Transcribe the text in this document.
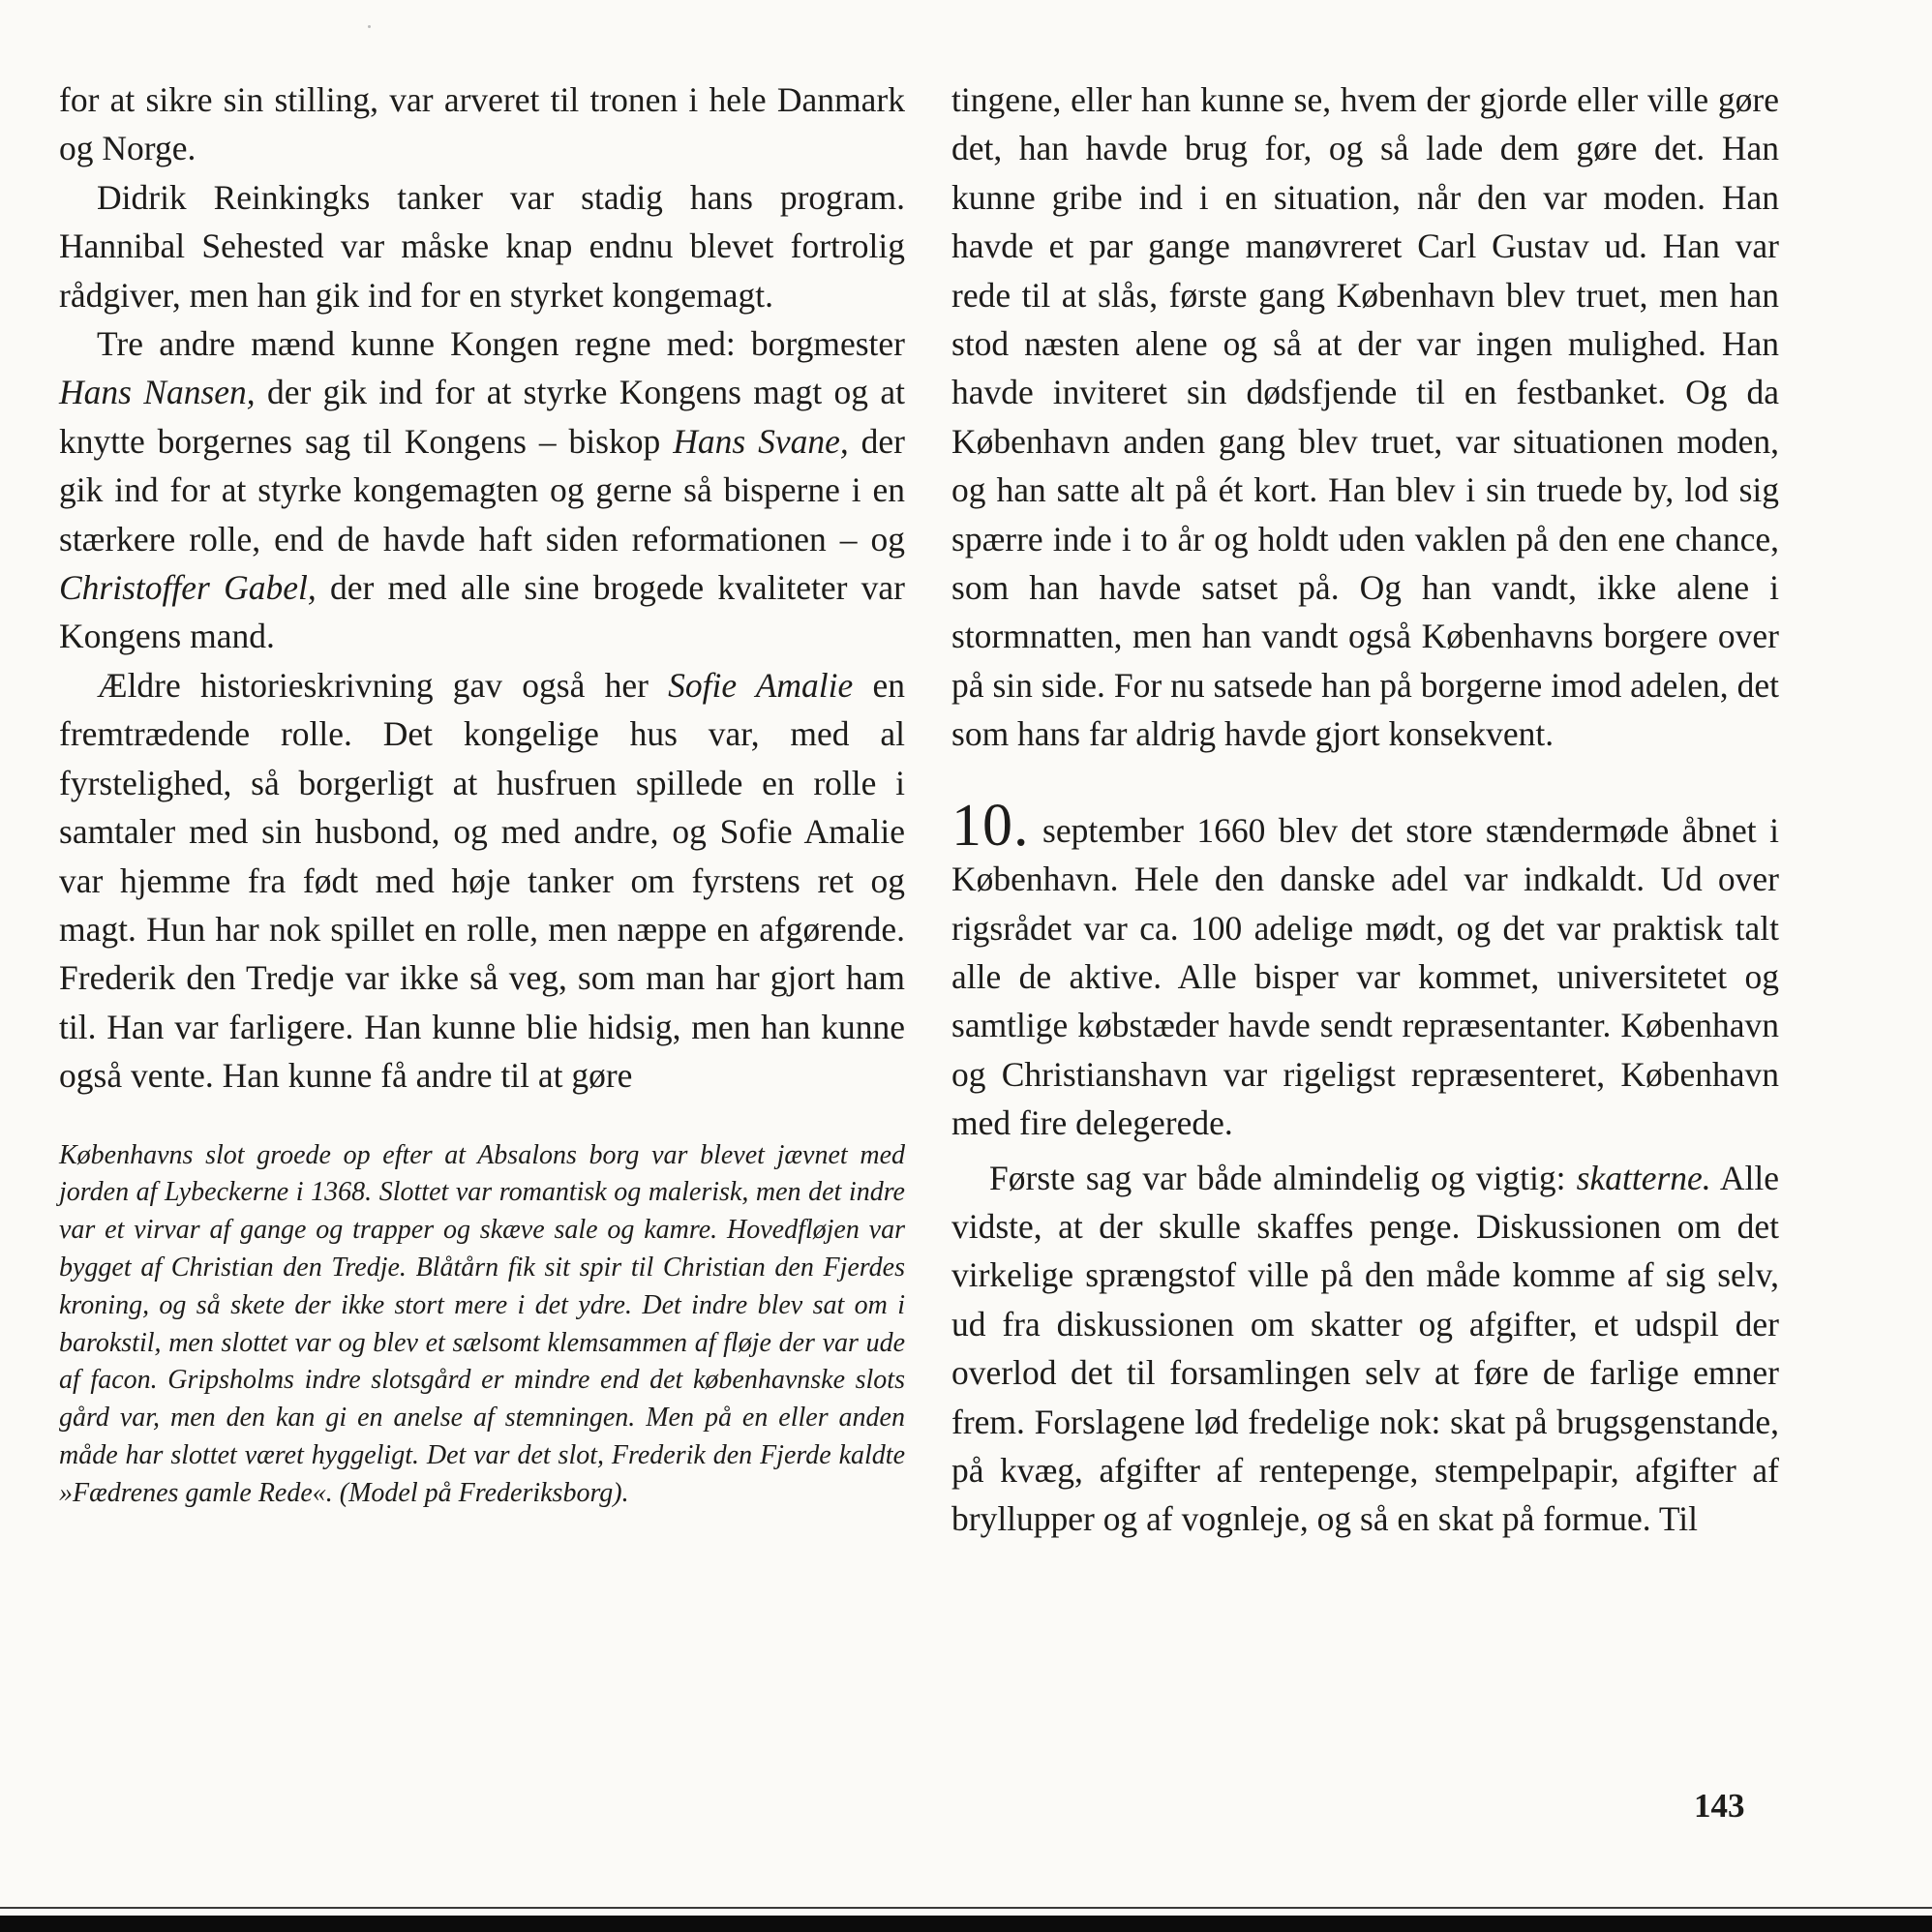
for at sikre sin stilling, var arveret til tronen i hele Danmark og Norge.

Didrik Reinkingks tanker var stadig hans program. Hannibal Sehested var måske knap endnu blevet fortrolig rådgiver, men han gik ind for en styrket kongemagt.

Tre andre mænd kunne Kongen regne med: borgmester Hans Nansen, der gik ind for at styrke Kongens magt og at knytte borgernes sag til Kongens – biskop Hans Svane, der gik ind for at styrke kongemagten og gerne så bisperne i en stærkere rolle, end de havde haft siden reformationen – og Christoffer Gabel, der med alle sine brogede kvaliteter var Kongens mand.

Ældre historieskrivning gav også her Sofie Amalie en fremtrædende rolle. Det kongelige hus var, med al fyrstelighed, så borgerligt at husfruen spillede en rolle i samtaler med sin husbond, og med andre, og Sofie Amalie var hjemme fra født med høje tanker om fyrstens ret og magt. Hun har nok spillet en rolle, men næppe en afgørende. Frederik den Tredje var ikke så veg, som man har gjort ham til. Han var farligere. Han kunne blie hidsig, men han kunne også vente. Han kunne få andre til at gøre

Københavns slot groede op efter at Absalons borg var blevet jævnet med jorden af Lybeckerne i 1368. Slottet var romantisk og malerisk, men det indre var et virvar af gange og trapper og skæve sale og kamre. Hovedfløjen var bygget af Christian den Tredje. Blåtårn fik sit spir til Christian den Fjerdes kroning, og så skete der ikke stort mere i det ydre. Det indre blev sat om i barokstil, men slottet var og blev et sælsomt klemsammen af fløje der var ude af facon. Gripsholms indre slotsgård er mindre end det københavnske slots gård var, men den kan gi en anelse af stemningen. Men på en eller anden måde har slottet været hyggeligt. Det var det slot, Frederik den Fjerde kaldte »Fædrenes gamle Rede«. (Model på Frederiksborg).

tingene, eller han kunne se, hvem der gjorde eller ville gøre det, han havde brug for, og så lade dem gøre det. Han kunne gribe ind i en situation, når den var moden. Han havde et par gange manøvreret Carl Gustav ud. Han var rede til at slås, første gang København blev truet, men han stod næsten alene og så at der var ingen mulighed. Han havde inviteret sin dødsfjende til en festbanket. Og da København anden gang blev truet, var situationen moden, og han satte alt på ét kort. Han blev i sin truede by, lod sig spærre inde i to år og holdt uden vaklen på den ene chance, som han havde satset på. Og han vandt, ikke alene i stormnatten, men han vandt også Københavns borgere over på sin side. For nu satsede han på borgerne imod adelen, det som hans far aldrig havde gjort konsekvent.

10. september 1660 blev det store stændermøde åbnet i København. Hele den danske adel var indkaldt. Ud over rigsrådet var ca. 100 adelige mødt, og det var praktisk talt alle de aktive. Alle bisper var kommet, universitetet og samtlige købstæder havde sendt repræsentanter. København og Christianshavn var rigeligst repræsenteret, København med fire delegerede.

Første sag var både almindelig og vigtig: skatterne. Alle vidste, at der skulle skaffes penge. Diskussionen om det virkelige sprængstof ville på den måde komme af sig selv, ud fra diskussionen om skatter og afgifter, et udspil der overlod det til forsamlingen selv at føre de farlige emner frem. Forslagene lød fredelige nok: skat på brugsgenstande, på kvæg, afgifter af rentepenge, stempelpapir, afgifter af bryllupper og af vognleje, og så en skat på formue. Til

143
